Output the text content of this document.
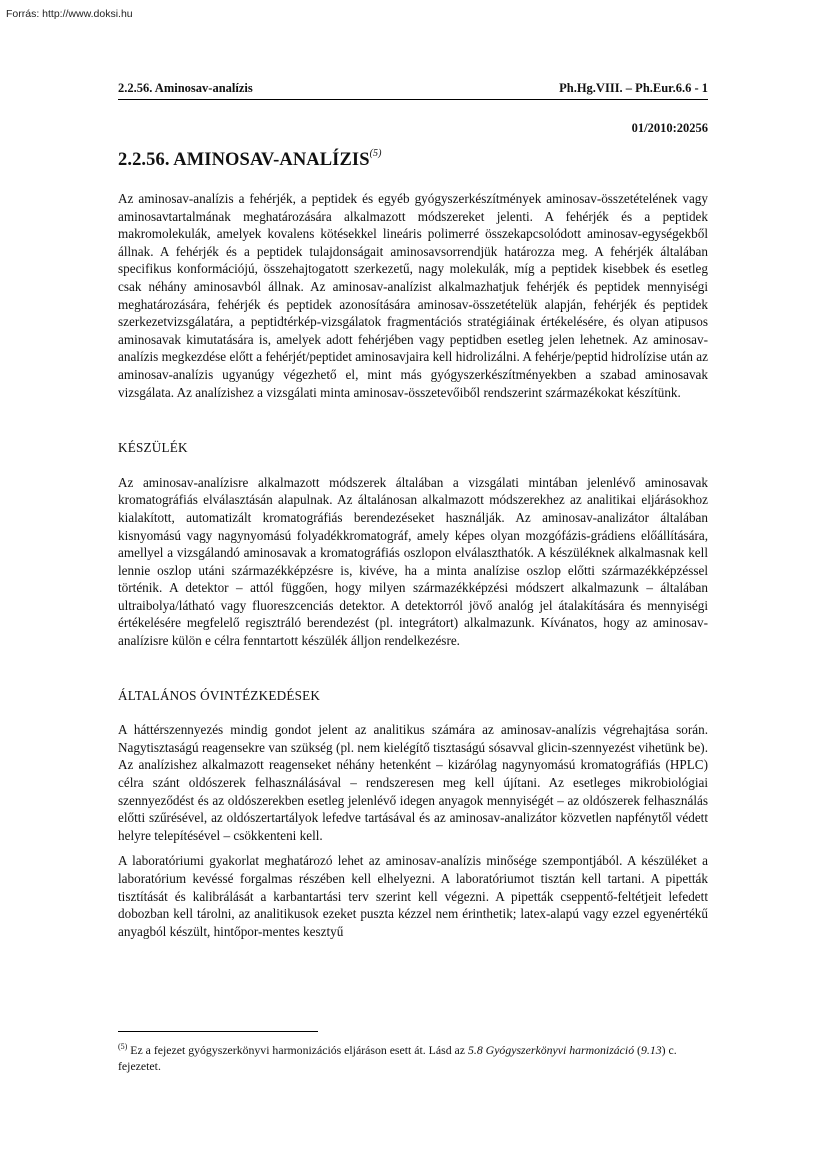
Forrás: http://www.doksi.hu
2.2.56. Aminosav-analízis	Ph.Hg.VIII. – Ph.Eur.6.6 - 1
01/2010:20256
2.2.56. AMINOSAV-ANALÍZIS$^{(5)}$

Az aminosav-analízis a fehérjék, a peptidek és egyéb gyógyszerkészítmények aminosav-összetételének vagy aminosavtartalmának meghatározására alkalmazott módszereket jelenti. A fehérjék és a peptidek makromolekulák, amelyek kovalens kötésekkel lineáris polimerré összekapcsolódott aminosav-egységekből állnak. A fehérjék és a peptidek tulajdonságait aminosavsorrendjük határozza meg. A fehérjék általában specifikus konformációjú, összehajtogatott szerkezetű, nagy molekulák, míg a peptidek kisebbek és esetleg csak néhány aminosavból állnak. Az aminosav-analízist alkalmazhatjuk fehérjék és peptidek mennyiségi meghatározására, fehérjék és peptidek azonosítására aminosav-összetételük alapján, fehérjék és peptidek szerkezetvizsgálatára, a peptidtérkép-vizsgálatok fragmentációs stratégiáinak értékelésére, és olyan atipusos aminosavak kimutatására is, amelyek adott fehérjében vagy peptidben esetleg jelen lehetnek. Az aminosav-analízis megkezdése előtt a fehérjét/peptidet aminosavjaira kell hidrolizálni. A fehérje/peptid hidrolízise után az aminosav-analízis ugyanúgy végezhető el, mint más gyógyszerkészítményekben a szabad aminosavak vizsgálata. Az analízishez a vizsgálati minta aminosav-összetevőiből rendszerint származékokat készítünk.

KÉSZÜLÉK

Az aminosav-analízisre alkalmazott módszerek általában a vizsgálati mintában jelenlévő aminosavak kromatográfiás elválasztásán alapulnak. Az általánosan alkalmazott módszerekhez az analitikai eljárásokhoz kialakított, automatizált kromatográfiás berendezéseket használják. Az aminosav-analizátor általában kisnyomású vagy nagynyomású folyadékkromatográf, amely képes olyan mozgófázis-grádiens előállítására, amellyel a vizsgálandó aminosavak a kromatográfiás oszlopon elválaszthatók. A készüléknek alkalmasnak kell lennie oszlop utáni származékképzésre is, kivéve, ha a minta analízise oszlop előtti származékképzéssel történik. A detektor – attól függően, hogy milyen származékképzési módszert alkalmazunk – általában ultraibolya/látható vagy fluoreszcenciás detektor. A detektorról jövő analóg jel átalakítására és mennyiségi értékelésére megfelelő regisztráló berendezést (pl. integrátort) alkalmazunk. Kívánatos, hogy az aminosav-analízisre külön e célra fenntartott készülék álljon rendelkezésre.

ÁLTALÁNOS ÓVINTÉZKEDÉSEK

A háttérszennyezés mindig gondot jelent az analitikus számára az aminosav-analízis végrehajtása során. Nagytisztaságú reagensekre van szükség (pl. nem kielégítő tisztaságú sósavval glicin-szennyezést vihetünk be). Az analízishez alkalmazott reagenseket néhány hetenként – kizárólag nagynyomású kromatográfiás (HPLC) célra szánt oldószerek felhasználásával – rendszeresen meg kell újítani. Az esetleges mikrobiológiai szennyeződést és az oldószerekben esetleg jelenlévő idegen anyagok mennyiségét – az oldószerek felhasználás előtti szűrésével, az oldószertartályok lefedve tartásával és az aminosav-analizátor közvetlen napfénytől védett helyre telepítésével – csökkenteni kell.

A laboratóriumi gyakorlat meghatározó lehet az aminosav-analízis minősége szempontjából. A készüléket a laboratórium kevéssé forgalmas részében kell elhelyezni. A laboratóriumot tisztán kell tartani. A pipetták tisztítását és kalibrálását a karbantartási terv szerint kell végezni. A pipetták cseppentő-feltétjeit lefedett dobozban kell tárolni, az analitikusok ezeket puszta kézzel nem érinthetik; latex-alapú vagy ezzel egyenértékű anyagból készült, hintőpor-mentes kesztyű

$^{(5)}$ Ez a fejezet gyógyszerkönyvi harmonizációs eljáráson esett át. Lásd az 5.8 Gyógyszerkönyvi harmonizáció (9.13) c. fejezetet.
